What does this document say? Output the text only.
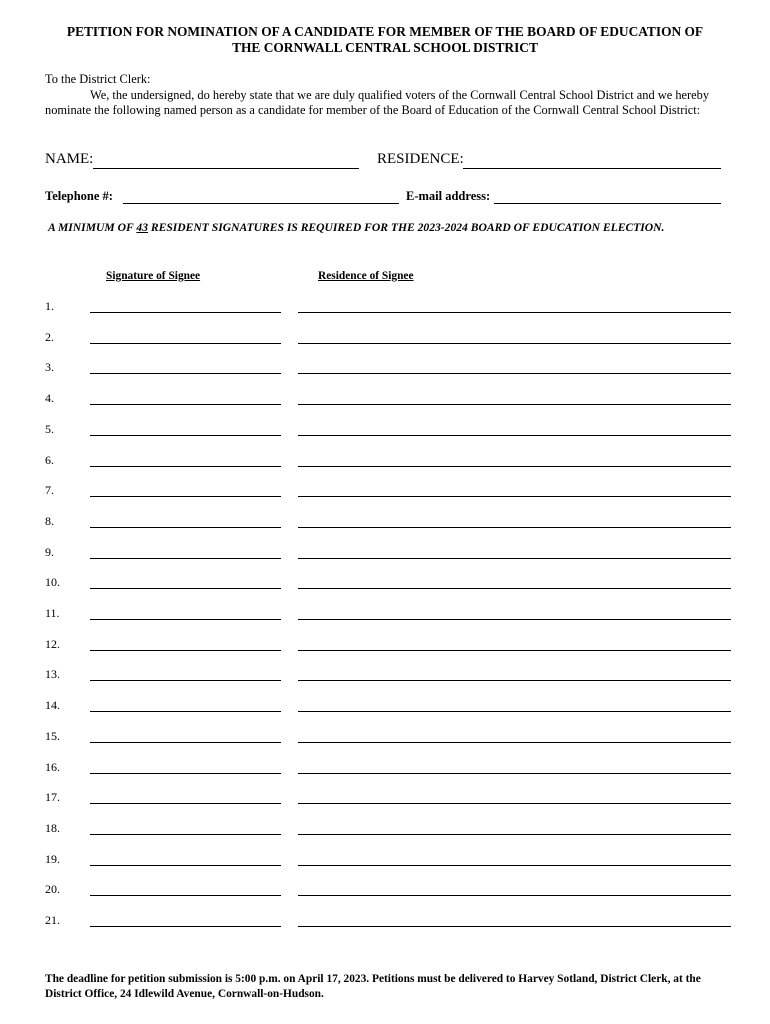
PETITION FOR NOMINATION OF A CANDIDATE FOR MEMBER OF THE BOARD OF EDUCATION OF
THE CORNWALL CENTRAL SCHOOL DISTRICT
To the District Clerk:
We, the undersigned, do hereby state that we are duly qualified voters of the Cornwall Central School District and we hereby nominate the following named person as a candidate for member of the Board of Education of the Cornwall Central School District:
NAME:	RESIDENCE:
Telephone #:	E-mail address:
A MINIMUM OF 43 RESIDENT SIGNATURES IS REQUIRED FOR THE 2023-2024 BOARD OF EDUCATION ELECTION.
Signature of Signee	Residence of Signee
1.
2.
3.
4.
5.
6.
7.
8.
9.
10.
11.
12.
13.
14.
15.
16.
17.
18.
19.
20.
21.
The deadline for petition submission is 5:00 p.m. on April 17, 2023. Petitions must be delivered to Harvey Sotland, District Clerk, at the District Office, 24 Idlewild Avenue, Cornwall-on-Hudson.
